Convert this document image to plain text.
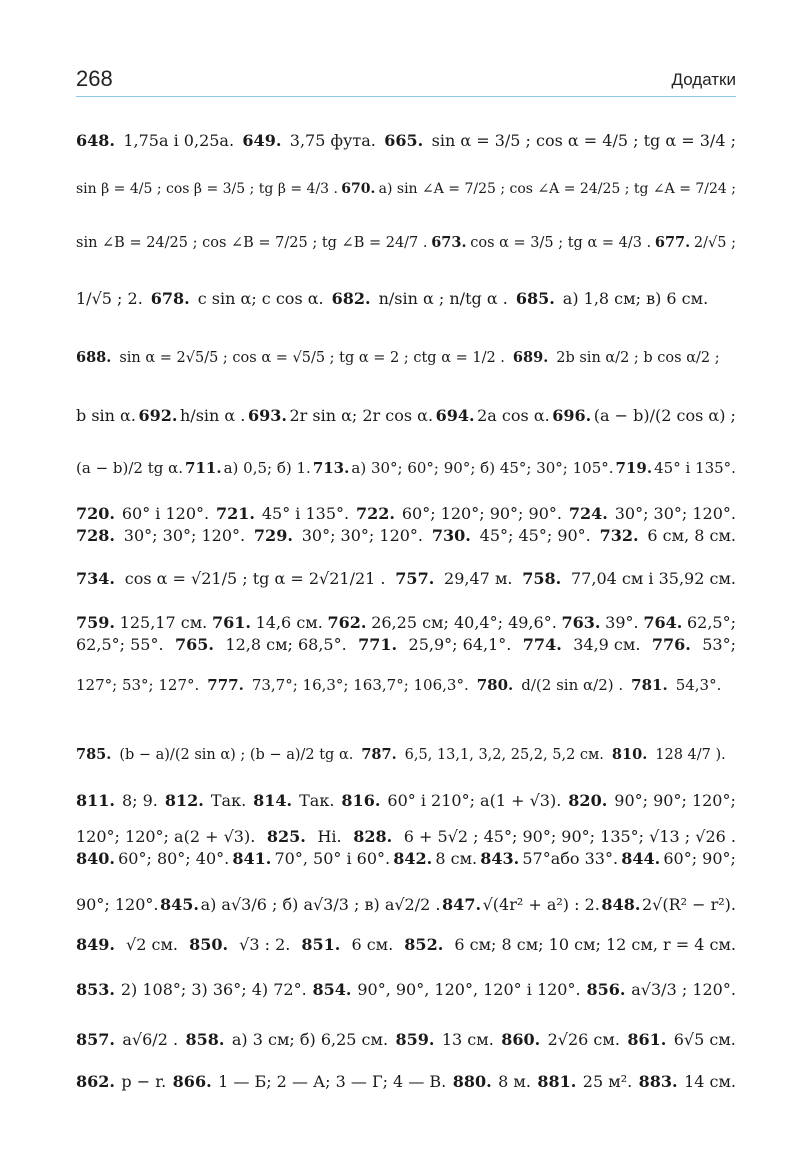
268	Додатки
648. 1,75a і 0,25a. 649. 3,75 фута. 665. sin α = 3/5 ; cos α = 4/5 ; tg α = 3/4 ;
sin β = 4/5 ; cos β = 3/5 ; tg β = 4/3 . 670. а) sin ∠A = 7/25 ; cos ∠A = 24/25 ; tg ∠A = 7/24 ;
sin ∠B = 24/25 ; cos ∠B = 7/25 ; tg ∠B = 24/7 . 673. cos α = 3/5 ; tg α = 4/3 . 677. 2/√5 ;
1/√5 ; 2. 678. c sin α; c cos α. 682. n/sin α ; n/tg α . 685. а) 1,8 см; в) 6 см.
688. sin α = 2√5/5 ; cos α = √5/5 ; tg α = 2 ; ctg α = 1/2 . 689. 2b sin α/2 ; b cos α/2 ;
b sin α. 692. h/sin α . 693. 2r sin α; 2r cos α. 694. 2a cos α. 696. (a − b)/(2 cos α) ;
(a − b)/2 tg α. 711. а) 0,5; б) 1. 713. а) 30°; 60°; 90°; б) 45°; 30°; 105°. 719. 45° і 135°.
720. 60° і 120°. 721. 45° і 135°. 722. 60°; 120°; 90°; 90°. 724. 30°; 30°; 120°.
728. 30°; 30°; 120°. 729. 30°; 30°; 120°. 730. 45°; 45°; 90°. 732. 6 см, 8 см.
734. cos α = √21/5 ; tg α = 2√21/21 . 757. 29,47 м. 758. 77,04 см і 35,92 см.
759. 125,17 см. 761. 14,6 см. 762. 26,25 см; 40,4°; 49,6°. 763. 39°. 764. 62,5°;
62,5°; 55°. 765. 12,8 см; 68,5°. 771. 25,9°; 64,1°. 774. 34,9 см. 776. 53°;
127°; 53°; 127°. 777. 73,7°; 16,3°; 163,7°; 106,3°. 780. d/(2 sin α/2) . 781. 54,3°.
785. (b − a)/(2 sin α) ; (b − a)/2 tg α. 787. 6,5, 13,1, 3,2, 25,2, 5,2 см. 810. 128 4/7 ).
811. 8; 9. 812. Так. 814. Так. 816. 60° і 210°; a(1 + √3). 820. 90°; 90°; 120°;
120°; 120°; a(2 + √3). 825. Ні. 828. 6 + 5√2 ; 45°; 90°; 90°; 135°; √13 ; √26 .
840. 60°; 80°; 40°. 841. 70°, 50° і 60°. 842. 8 см. 843. 57°або 33°. 844. 60°; 90°;
90°; 120°. 845. а) a√3/6 ; б) a√3/3 ; в) a√2/2 . 847. √(4r² + a²) : 2. 848. 2√(R² − r²).
849. √2 см. 850. √3 : 2. 851. 6 см. 852. 6 см; 8 см; 10 см; 12 см, r = 4 см.
853. 2) 108°; 3) 36°; 4) 72°. 854. 90°, 90°, 120°, 120° і 120°. 856. a√3/3 ; 120°.
857. a√6/2 . 858. а) 3 см; б) 6,25 см. 859. 13 см. 860. 2√26 см. 861. 6√5 см.
862. p − r. 866. 1 — Б; 2 — А; 3 — Г; 4 — В. 880. 8 м. 881. 25 м². 883. 14 см.
